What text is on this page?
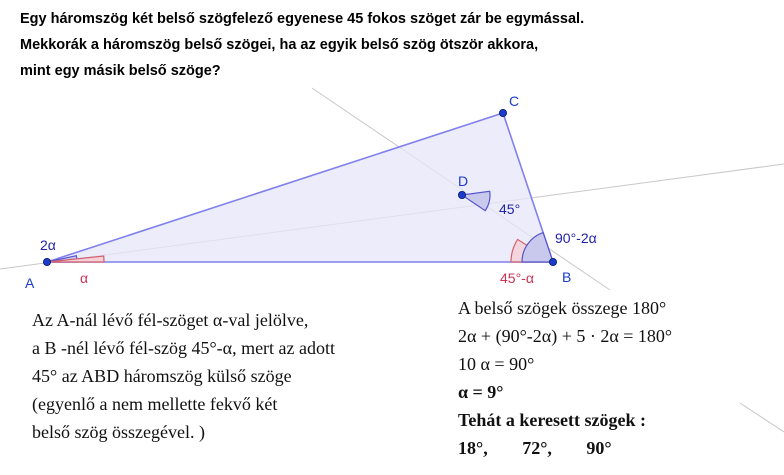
A	B
C
D
2α
α	45°-α
90°-2α
45°
Egy háromszög két belső szögfelező egyenese 45 fokos szöget zár be egymással.
Mekkorák a háromszög belső szögei, ha az egyik belső szög ötször akkora,
mint egy másik belső szöge?
Az A-nál lévő fél-szöget α-val jelölve,
a B -nél lévő fél-szög 45°-α, mert az adott
45° az ABD háromszög külső szöge
(egyenlő a nem mellette fekvő két
belső szög összegével. )
A belső szögek összege 180°
2α + (90°-2α) + 5 · 2α = 180°
10 α = 90°
α = 9°
Tehát a keresett szögek :
18°, 72°, 90°
